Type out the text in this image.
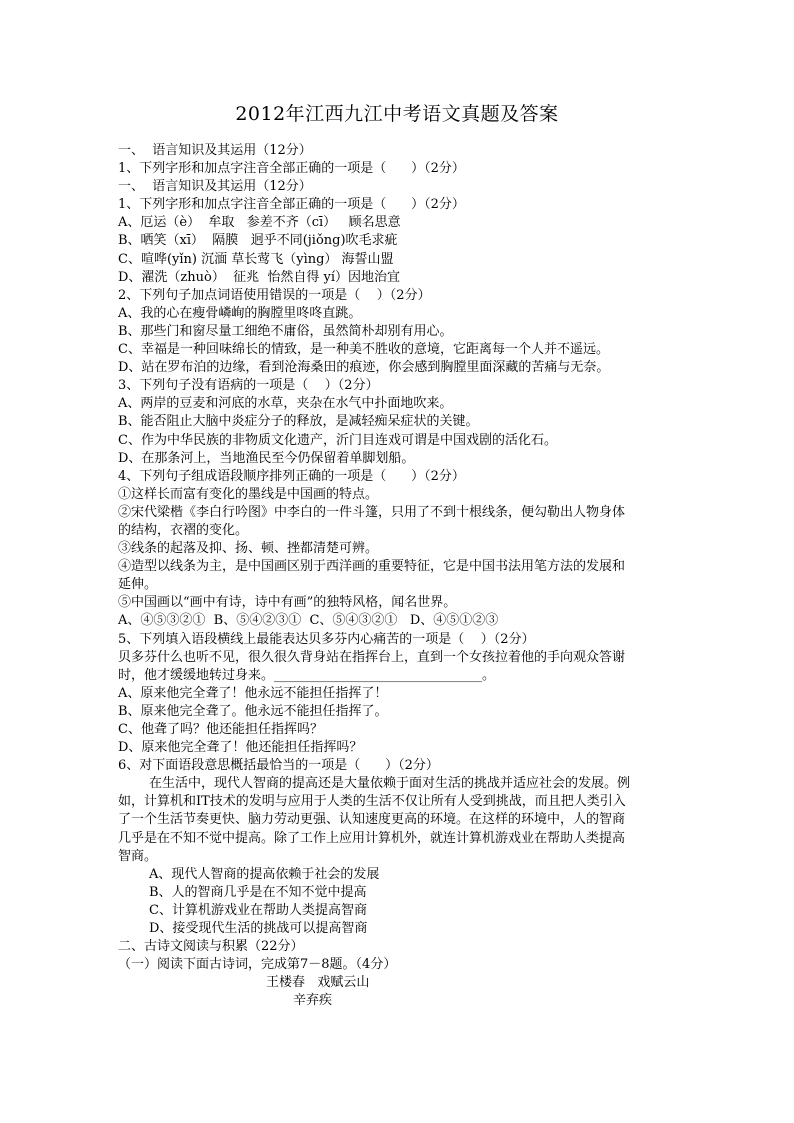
2012年江西九江中考语文真题及答案
一、  语言知识及其运用（12分）
1、下列字形和加点字注音全部正确的一项是（      ）（2分）
一、  语言知识及其运用（12分）
1、下列字形和加点字注音全部正确的一项是（      ）（2分）
A、厄运（è）  牟取   参差不齐（cī）   顾名思意
B、哂笑（xī）  隔膜   迥乎不同(jiǒng)吹毛求疵
C、喧哗(yǐn) 沉湎 草长莺飞（yìng） 海誓山盟
D、濯洗（zhuò）  征兆  怡然自得 yí）因地治宜
2、下列句子加点词语使用错误的一项是（    ）（2分）
A、我的心在瘦骨嶙峋的胸膛里咚咚直跳。
B、那些门和窗尽量工细绝不庸俗，虽然简朴却别有用心。
C、幸福是一种回味绵长的情致，是一种美不胜收的意境，它距离每一个人并不遥远。
D、站在罗布泊的边缘，看到沧海桑田的痕迹，你会感到胸膛里面深藏的苦痛与无奈。
3、下列句子没有语病的一项是（    ）（2分）
A、两岸的豆麦和河底的水草，夹杂在水气中扑面地吹来。
B、能否阻止大脑中炎症分子的释放，是减轻痴呆症状的关键。
C、作为中华民族的非物质文化遗产，沂门目连戏可谓是中国戏剧的活化石。
D、在那条河上，当地渔民至今仍保留着单脚划船。
4、下列句子组成语段顺序排列正确的一项是（      ）（2分）
①这样长而富有变化的墨线是中国画的特点。
②宋代梁楷《李白行吟图》中李白的一件斗篷，只用了不到十根线条，便勾勒出人物身体
的结构，衣褶的变化。
③线条的起落及抑、扬、顿、挫都清楚可辨。
④造型以线条为主，是中国画区别于西洋画的重要特征，它是中国书法用笔方法的发展和
延伸。
⑤中国画以“画中有诗，诗中有画”的独特风格，闻名世界。
A、④⑤③②①  B、⑤④②③①  C、⑤④③②①   D、④⑤①②③
5、下列填入语段横线上最能表达贝多芬内心痛苦的一项是（    ）（2分）
贝多芬什么也听不见，很久很久背身站在指挥台上，直到一个女孩拉着他的手向观众答谢
时，他才缓缓地转过身来。________________________________。
A、原来他完全聋了！他永远不能担任指挥了！
B、原来他完全聋了。他永远不能担任指挥了。
C、他聋了吗？他还能担任指挥吗？
D、原来他完全聋了！他还能担任指挥吗？
6、对下面语段意思概括最恰当的一项是（      ）（2分）
在生活中，现代人智商的提高还是大量依赖于面对生活的挑战并适应社会的发展。例
如，计算机和IT技术的发明与应用于人类的生活不仅让所有人受到挑战，而且把人类引入
了一个生活节奏更快、脑力劳动更强、认知速度更高的环境。在这样的环境中，人的智商
几乎是在不知不觉中提高。除了工作上应用计算机外，就连计算机游戏业在帮助人类提高
智商。
A、现代人智商的提高依赖于社会的发展
B、人的智商几乎是在不知不觉中提高
C、计算机游戏业在帮助人类提高智商
D、接受现代生活的挑战可以提高智商
二、古诗文阅读与积累（22分）
（一）阅读下面古诗词，完成第7－8题。（4分）
王楼春   戏赋云山
辛弃疾
